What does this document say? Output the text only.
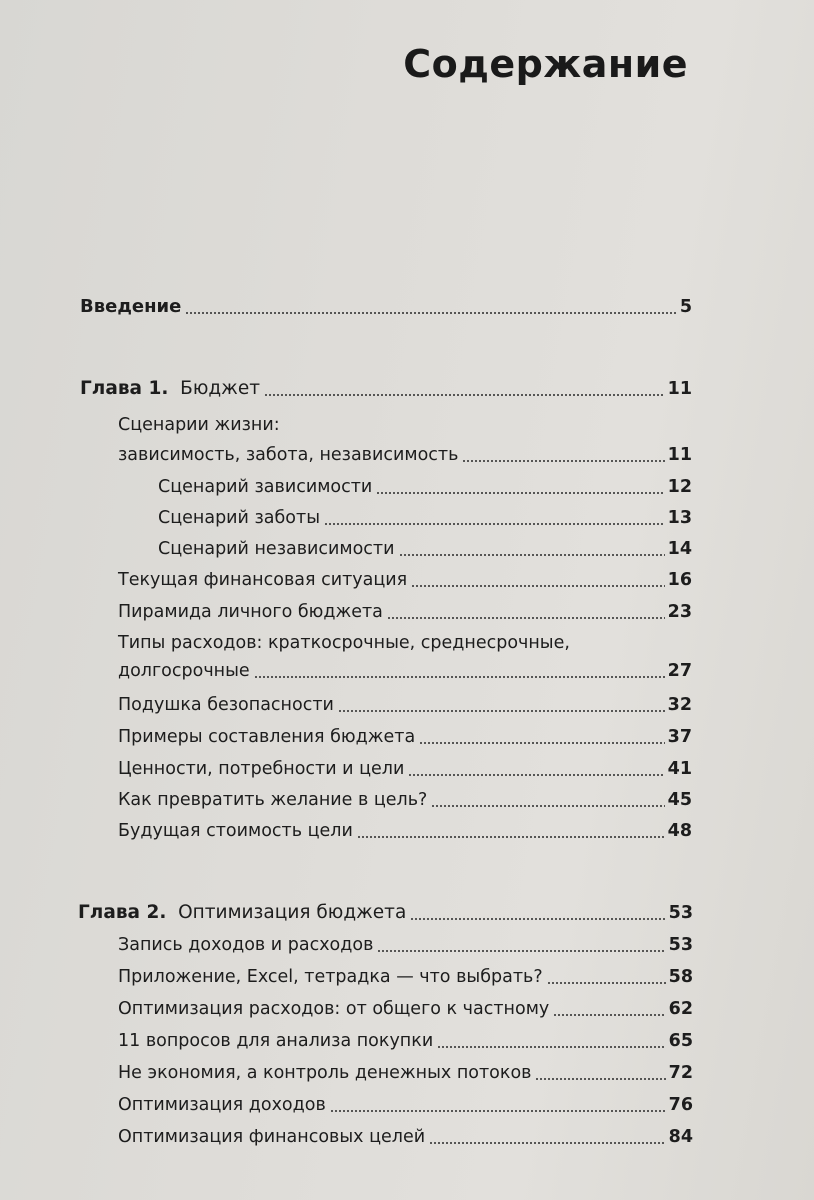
Содержание
Введение	5
Глава 1. Бюджет	11
Сценарии жизни:
зависимость, забота, независимость	11
Сценарий зависимости	12
Сценарий заботы	13
Сценарий независимости	14
Текущая финансовая ситуация	16
Пирамида личного бюджета	23
Типы расходов: краткосрочные, среднесрочные,
долгосрочные	27
Подушка безопасности	32
Примеры составления бюджета	37
Ценности, потребности и цели	41
Как превратить желание в цель?	45
Будущая стоимость цели	48
Глава 2. Оптимизация бюджета	53
Запись доходов и расходов	53
Приложение, Excel, тетрадка — что выбрать?	58
Оптимизация расходов: от общего к частному	62
11 вопросов для анализа покупки	65
Не экономия, а контроль денежных потоков	72
Оптимизация доходов	76
Оптимизация финансовых целей	84
